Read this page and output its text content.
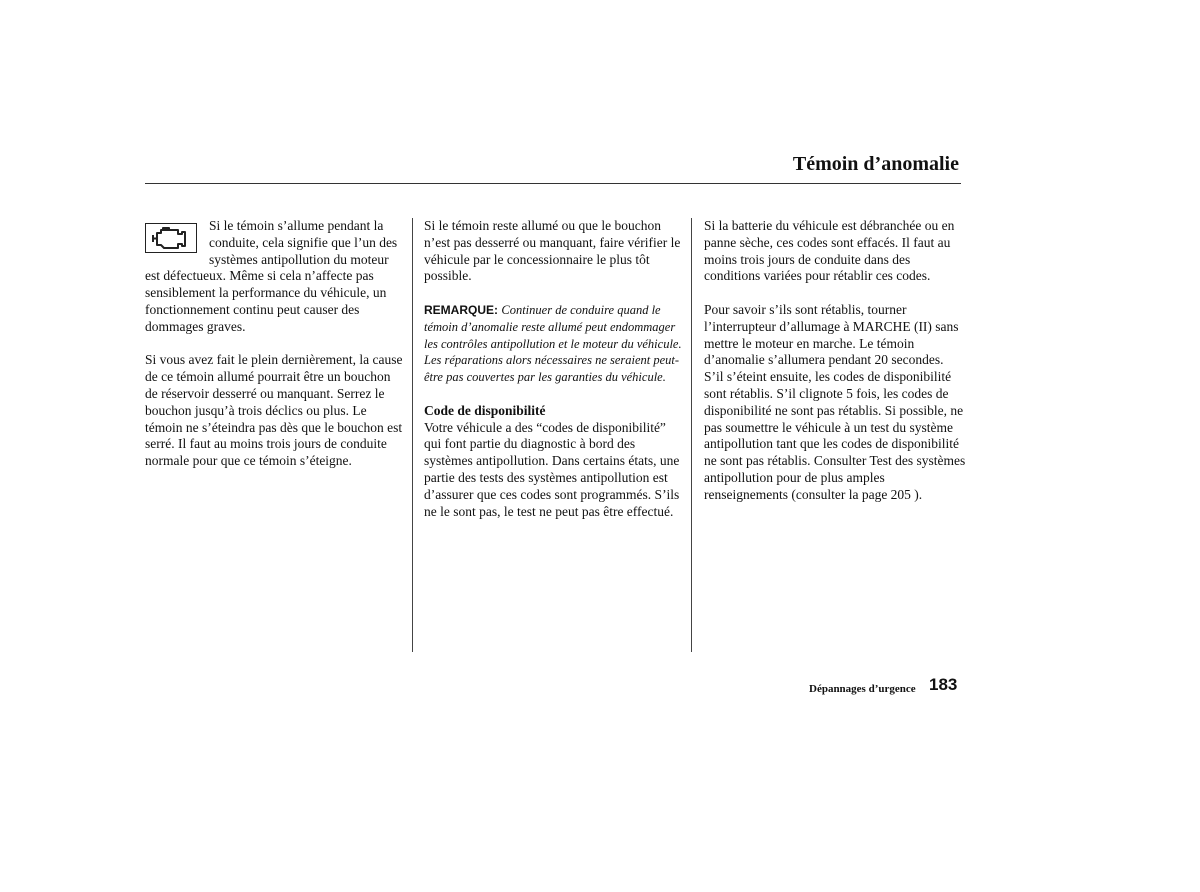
Témoin d’anomalie

Si le témoin s’allume pendant la conduite, cela signifie que l’un des systèmes antipollution du moteur est défectueux. Même si cela n’affecte pas sensiblement la performance du véhicule, un fonctionnement continu peut causer des dommages graves.

Si vous avez fait le plein dernièrement, la cause de ce témoin allumé pourrait être un bouchon de réservoir desserré ou manquant. Serrez le bouchon jusqu’à trois déclics ou plus. Le témoin ne s’éteindra pas dès que le bouchon est serré. Il faut au moins trois jours de conduite normale pour que ce témoin s’éteigne.

Si le témoin reste allumé ou que le bouchon n’est pas desserré ou manquant, faire vérifier le véhicule par le concessionnaire le plus tôt possible.

REMARQUE: Continuer de conduire quand le témoin d’anomalie reste allumé peut endommager les contrôles antipollution et le moteur du véhicule. Les réparations alors nécessaires ne seraient peut-être pas couvertes par les garanties du véhicule.

Code de disponibilité

Votre véhicule a des “codes de disponibilité” qui font partie du diagnostic à bord des systèmes antipollution. Dans certains états, une partie des tests des systèmes antipollution est d’assurer que ces codes sont programmés. S’ils ne le sont pas, le test ne peut pas être effectué.

Si la batterie du véhicule est débranchée ou en panne sèche, ces codes sont effacés. Il faut au moins trois jours de conduite dans des conditions variées pour rétablir ces codes.

Pour savoir s’ils sont rétablis, tourner l’interrupteur d’allumage à MARCHE (II) sans mettre le moteur en marche. Le témoin d’anomalie s’allumera pendant 20 secondes. S’il s’éteint ensuite, les codes de disponibilité sont rétablis. S’il clignote 5 fois, les codes de disponibilité ne sont pas rétablis. Si possible, ne pas soumettre le véhicule à un test du système antipollution tant que les codes de disponibilité ne sont pas rétablis. Consulter Test des systèmes antipollution pour de plus amples renseignements (consulter la page 205 ).

Dépannages d’urgence 183
